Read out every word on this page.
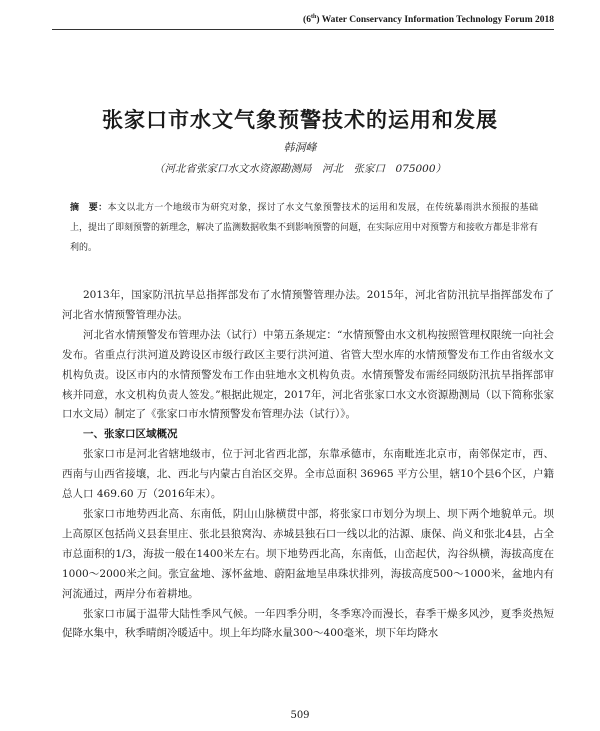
(6th) Water Conservancy Information Technology Forum 2018
张家口市水文气象预警技术的运用和发展
韩洞峰
（河北省张家口水文水资源勘测局　河北　张家口　075000）
摘　要：本文以北方一个地级市为研究对象，探讨了水文气象预警技术的运用和发展，在传统暴雨洪水预报的基础上，提出了即刻预警的新理念，解决了监测数据收集不到影响预警的问题，在实际应用中对预警方和接收方都是非常有利的。

2013年，国家防汛抗旱总指挥部发布了水情预警管理办法。2015年，河北省防汛抗旱指挥部发布了河北省水情预警管理办法。

河北省水情预警发布管理办法（试行）中第五条规定：“水情预警由水文机构按照管理权限统一向社会发布。省重点行洪河道及跨设区市级行政区主要行洪河道、省管大型水库的水情预警发布工作由省级水文机构负责。设区市内的水情预警发布工作由驻地水文机构负责。水情预警发布需经同级防汛抗旱指挥部审核并同意，水文机构负责人签发。”根据此规定，2017年，河北省张家口水文水资源勘测局（以下简称张家口水文局）制定了《张家口市水情预警发布管理办法（试行）》。

一、张家口区域概况

张家口市是河北省辖地级市，位于河北省西北部，东靠承德市，东南毗连北京市，南邻保定市，西、西南与山西省接壤，北、西北与内蒙古自治区交界。全市总面积 36965 平方公里，辖10个县6个区，户籍总人口 469.60 万（2016年末）。

张家口市地势西北高、东南低，阴山山脉横贯中部，将张家口市划分为坝上、坝下两个地貌单元。坝上高原区包括尚义县套里庄、张北县狼窝沟、赤城县独石口一线以北的沽源、康保、尚义和张北4县，占全市总面积的1/3，海拔一般在1400米左右。坝下地势西北高，东南低，山峦起伏，沟谷纵横，海拔高度在1000～2000米之间。张宣盆地、涿怀盆地、蔚阳盆地呈串珠状排列，海拔高度500～1000米，盆地内有河流通过，两岸分布着耕地。

张家口市属于温带大陆性季风气候。一年四季分明，冬季寒冷而漫长，春季干燥多风沙，夏季炎热短促降水集中，秋季晴朗冷暖适中。坝上年均降水量300～400毫米，坝下年均降水

509
